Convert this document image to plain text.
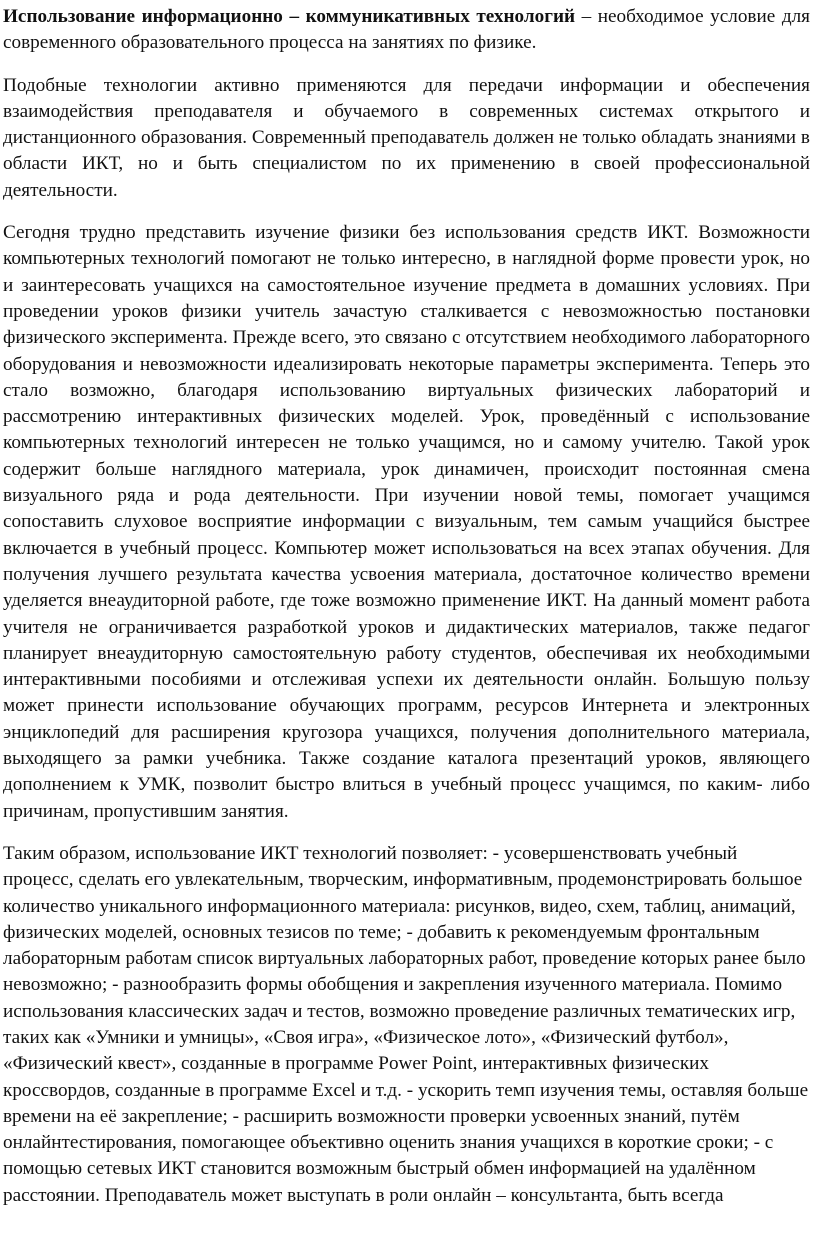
Использование информационно – коммуникативных технологий – необходимое условие для современного образовательного процесса на занятиях по физике.

Подобные технологии активно применяются для передачи информации и обеспечения взаимодействия преподавателя и обучаемого в современных системах открытого и дистанционного образования. Современный преподаватель должен не только обладать знаниями в области ИКТ, но и быть специалистом по их применению в своей профессиональной деятельности.

Сегодня трудно представить изучение физики без использования средств ИКТ. Возможности компьютерных технологий помогают не только интересно, в наглядной форме провести урок, но и заинтересовать учащихся на самостоятельное изучение предмета в домашних условиях. При проведении уроков физики учитель зачастую сталкивается с невозможностью постановки физического эксперимента. Прежде всего, это связано с отсутствием необходимого лабораторного оборудования и невозможности идеализировать некоторые параметры эксперимента. Теперь это стало возможно, благодаря использованию виртуальных физических лабораторий и рассмотрению интерактивных физических моделей. Урок, проведённый с использование компьютерных технологий интересен не только учащимся, но и самому учителю. Такой урок содержит больше наглядного материала, урок динамичен, происходит постоянная смена визуального ряда и рода деятельности. При изучении новой темы, помогает учащимся сопоставить слуховое восприятие информации с визуальным, тем самым учащийся быстрее включается в учебный процесс. Компьютер может использоваться на всех этапах обучения. Для получения лучшего результата качества усвоения материала, достаточное количество времени уделяется внеаудиторной работе, где тоже возможно применение ИКТ. На данный момент работа учителя не ограничивается разработкой уроков и дидактических материалов, также педагог планирует внеаудиторную самостоятельную работу студентов, обеспечивая их необходимыми интерактивными пособиями и отслеживая успехи их деятельности онлайн. Большую пользу может принести использование обучающих программ, ресурсов Интернета и электронных энциклопедий для расширения кругозора учащихся, получения дополнительного материала, выходящего за рамки учебника. Также создание каталога презентаций уроков, являющего дополнением к УМК, позволит быстро влиться в учебный процесс учащимся, по каким- либо причинам, пропустившим занятия.

Таким образом, использование ИКТ технологий позволяет: - усовершенствовать учебный процесс, сделать его увлекательным, творческим, информативным, продемонстрировать большое количество уникального информационного материала: рисунков, видео, схем, таблиц, анимаций, физических моделей, основных тезисов по теме; - добавить к рекомендуемым фронтальным лабораторным работам список виртуальных лабораторных работ, проведение которых ранее было невозможно; - разнообразить формы обобщения и закрепления изученного материала. Помимо использования классических задач и тестов, возможно проведение различных тематических игр, таких как «Умники и умницы», «Своя игра», «Физическое лото», «Физический футбол», «Физический квест», созданные в программе Power Point, интерактивных физических кроссвордов, созданные в программе Excel и т.д. - ускорить темп изучения темы, оставляя больше времени на её закрепление; - расширить возможности проверки усвоенных знаний, путём онлайнтестирования, помогающее объективно оценить знания учащихся в короткие сроки; - с помощью сетевых ИКТ становится возможным быстрый обмен информацией на удалённом расстоянии. Преподаватель может выступать в роли онлайн – консультанта, быть всегда
